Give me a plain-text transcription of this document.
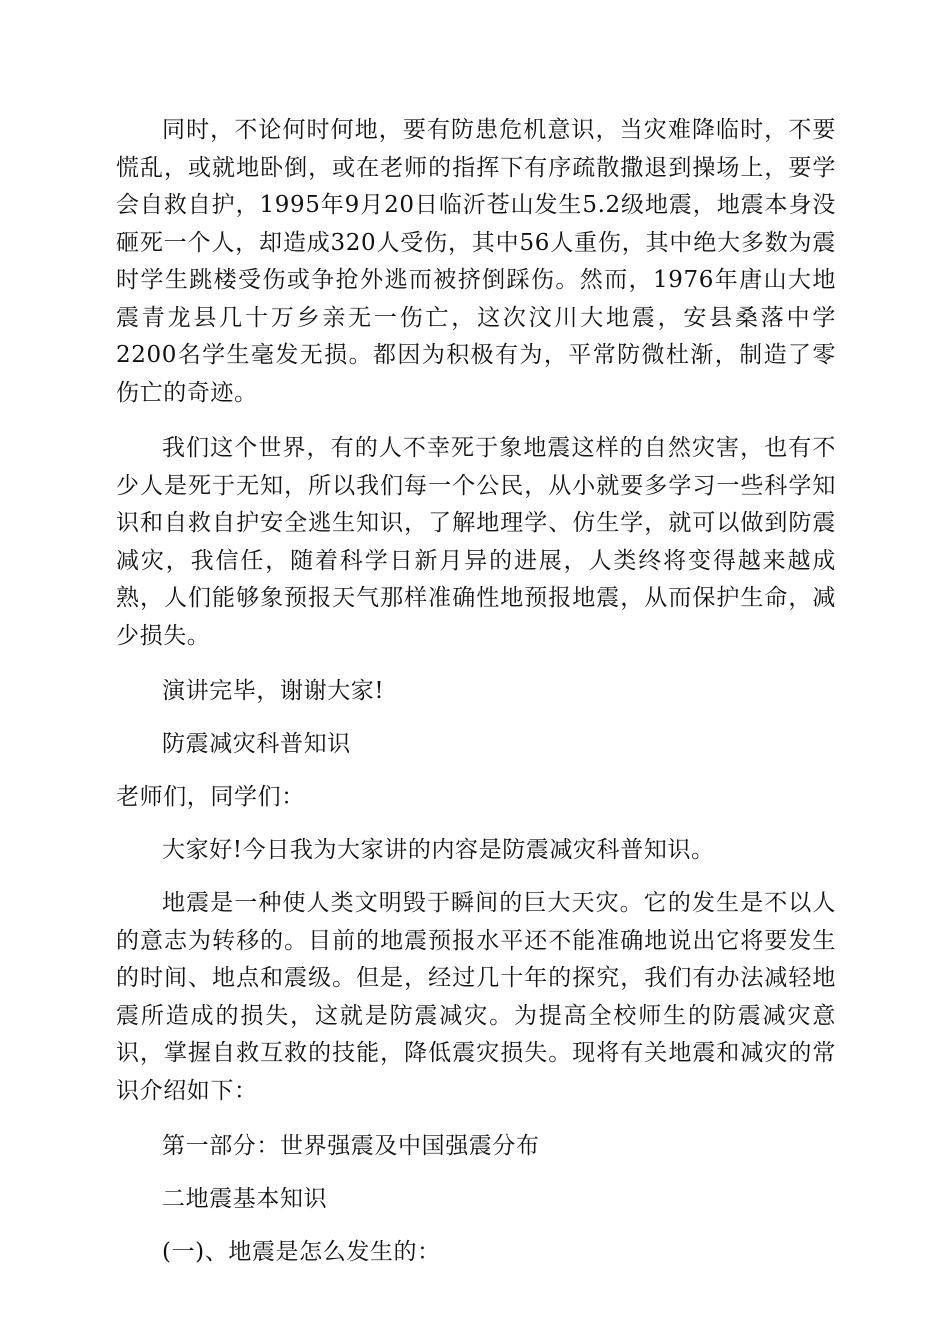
同时，不论何时何地，要有防患危机意识，当灾难降临时，不要慌乱，或就地卧倒，或在老师的指挥下有序疏散撒退到操场上，要学会自救自护，1995年9月20日临沂苍山发生5.2级地震，地震本身没砸死一个人，却造成320人受伤，其中56人重伤，其中绝大多数为震时学生跳楼受伤或争抢外逃而被挤倒踩伤。然而，1976年唐山大地震青龙县几十万乡亲无一伤亡，这次汶川大地震，安县桑落中学2200名学生毫发无损。都因为积极有为，平常防微杜渐，制造了零伤亡的奇迹。

我们这个世界，有的人不幸死于象地震这样的自然灾害，也有不少人是死于无知，所以我们每一个公民，从小就要多学习一些科学知识和自救自护安全逃生知识，了解地理学、仿生学，就可以做到防震减灾，我信任，随着科学日新月异的进展，人类终将变得越来越成熟，人们能够象预报天气那样准确性地预报地震，从而保护生命，减少损失。

演讲完毕，谢谢大家!

防震减灾科普知识

老师们，同学们：

大家好!今日我为大家讲的内容是防震减灾科普知识。

地震是一种使人类文明毁于瞬间的巨大天灾。它的发生是不以人的意志为转移的。目前的地震预报水平还不能准确地说出它将要发生的时间、地点和震级。但是，经过几十年的探究，我们有办法减轻地震所造成的损失，这就是防震减灾。为提高全校师生的防震减灾意识，掌握自救互救的技能，降低震灾损失。现将有关地震和减灾的常识介绍如下：

第一部分：世界强震及中国强震分布

二地震基本知识

(一)、地震是怎么发生的：
